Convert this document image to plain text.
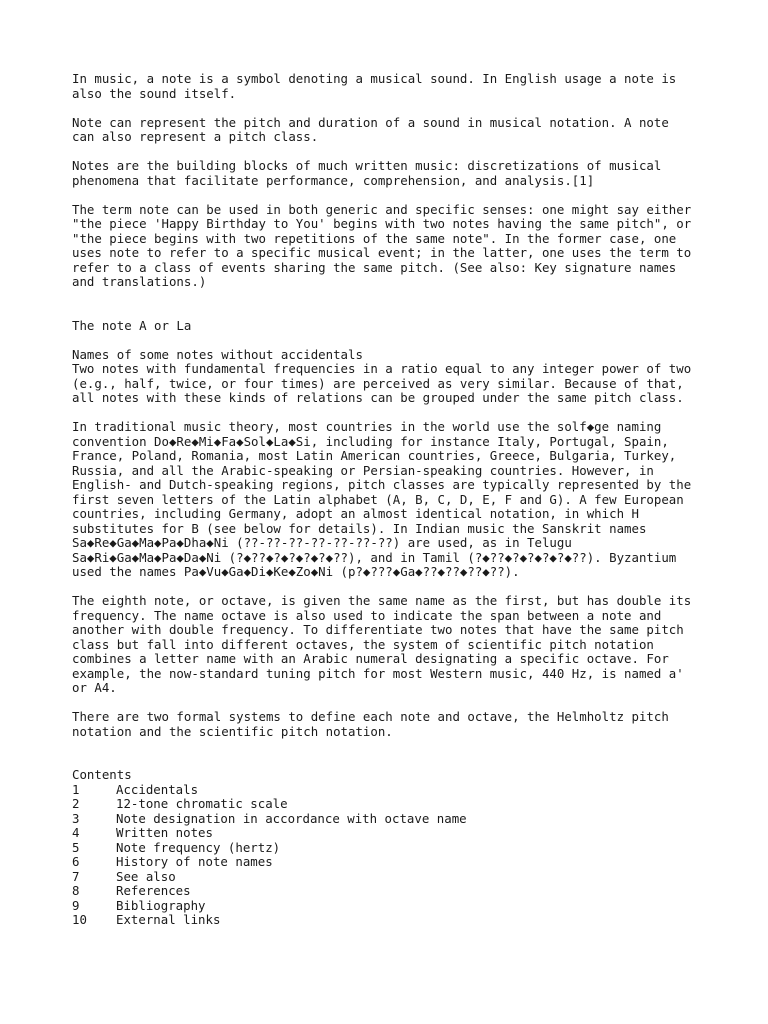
In music, a note is a symbol denoting a musical sound. In English usage a note is

also the sound itself.

Note can represent the pitch and duration of a sound in musical notation. A note

can also represent a pitch class.

Notes are the building blocks of much written music: discretizations of musical

phenomena that facilitate performance, comprehension, and analysis.[1]

The term note can be used in both generic and specific senses: one might say either

"the piece 'Happy Birthday to You' begins with two notes having the same pitch", or

"the piece begins with two repetitions of the same note". In the former case, one

uses note to refer to a specific musical event; in the latter, one uses the term to

refer to a class of events sharing the same pitch. (See also: Key signature names

and translations.)

The note A or La

Names of some notes without accidentals

Two notes with fundamental frequencies in a ratio equal to any integer power of two

(e.g., half, twice, or four times) are perceived as very similar. Because of that,

all notes with these kinds of relations can be grouped under the same pitch class.

In traditional music theory, most countries in the world use the solf◆ge naming

convention Do◆Re◆Mi◆Fa◆Sol◆La◆Si, including for instance Italy, Portugal, Spain,

France, Poland, Romania, most Latin American countries, Greece, Bulgaria, Turkey,

Russia, and all the Arabic-speaking or Persian-speaking countries. However, in

English- and Dutch-speaking regions, pitch classes are typically represented by the

first seven letters of the Latin alphabet (A, B, C, D, E, F and G). A few European

countries, including Germany, adopt an almost identical notation, in which H

substitutes for B (see below for details). In Indian music the Sanskrit names

Sa◆Re◆Ga◆Ma◆Pa◆Dha◆Ni (??-??-??-??-??-??-??) are used, as in Telugu

Sa◆Ri◆Ga◆Ma◆Pa◆Da◆Ni (?◆??◆?◆?◆?◆?◆??), and in Tamil (?◆??◆?◆?◆?◆?◆??). Byzantium

used the names Pa◆Vu◆Ga◆Di◆Ke◆Zo◆Ni (p?◆???◆Ga◆??◆??◆??◆??).

The eighth note, or octave, is given the same name as the first, but has double its

frequency. The name octave is also used to indicate the span between a note and

another with double frequency. To differentiate two notes that have the same pitch

class but fall into different octaves, the system of scientific pitch notation

combines a letter name with an Arabic numeral designating a specific octave. For

example, the now-standard tuning pitch for most Western music, 440 Hz, is named a'

or A4.

There are two formal systems to define each note and octave, the Helmholtz pitch

notation and the scientific pitch notation.

Contents

1	Accidentals
2	12-tone chromatic scale
3	Note designation in accordance with octave name
4	Written notes
5	Note frequency (hertz)
6	History of note names
7	See also
8	References
9	Bibliography
10	External links
